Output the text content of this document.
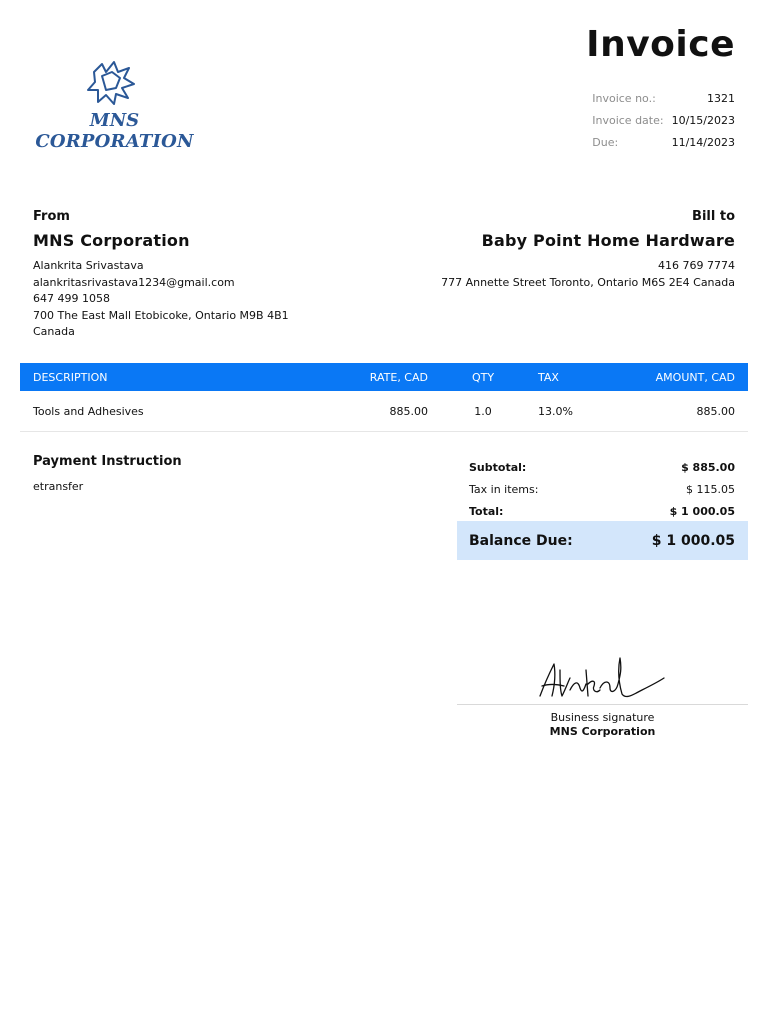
MNS
CORPORATION
Invoice
Invoice no.:	1321
Invoice date:	10/15/2023
Due:	11/14/2023
From
MNS Corporation
Alankrita Srivastava
alankritasrivastava1234@gmail.com
647 499 1058
700 The East Mall Etobicoke, Ontario M9B 4B1
Canada
Bill to
Baby Point Home Hardware
416 769 7774
777 Annette Street Toronto, Ontario M6S 2E4 Canada
DESCRIPTION	RATE, CAD	QTY	TAX	AMOUNT, CAD
Tools and Adhesives	885.00	1.0	13.0%	885.00
Payment Instruction
etransfer
Subtotal:	$ 885.00
Tax in items:	$ 115.05
Total:	$ 1 000.05
Balance Due:	$ 1 000.05
Business signature
MNS Corporation
